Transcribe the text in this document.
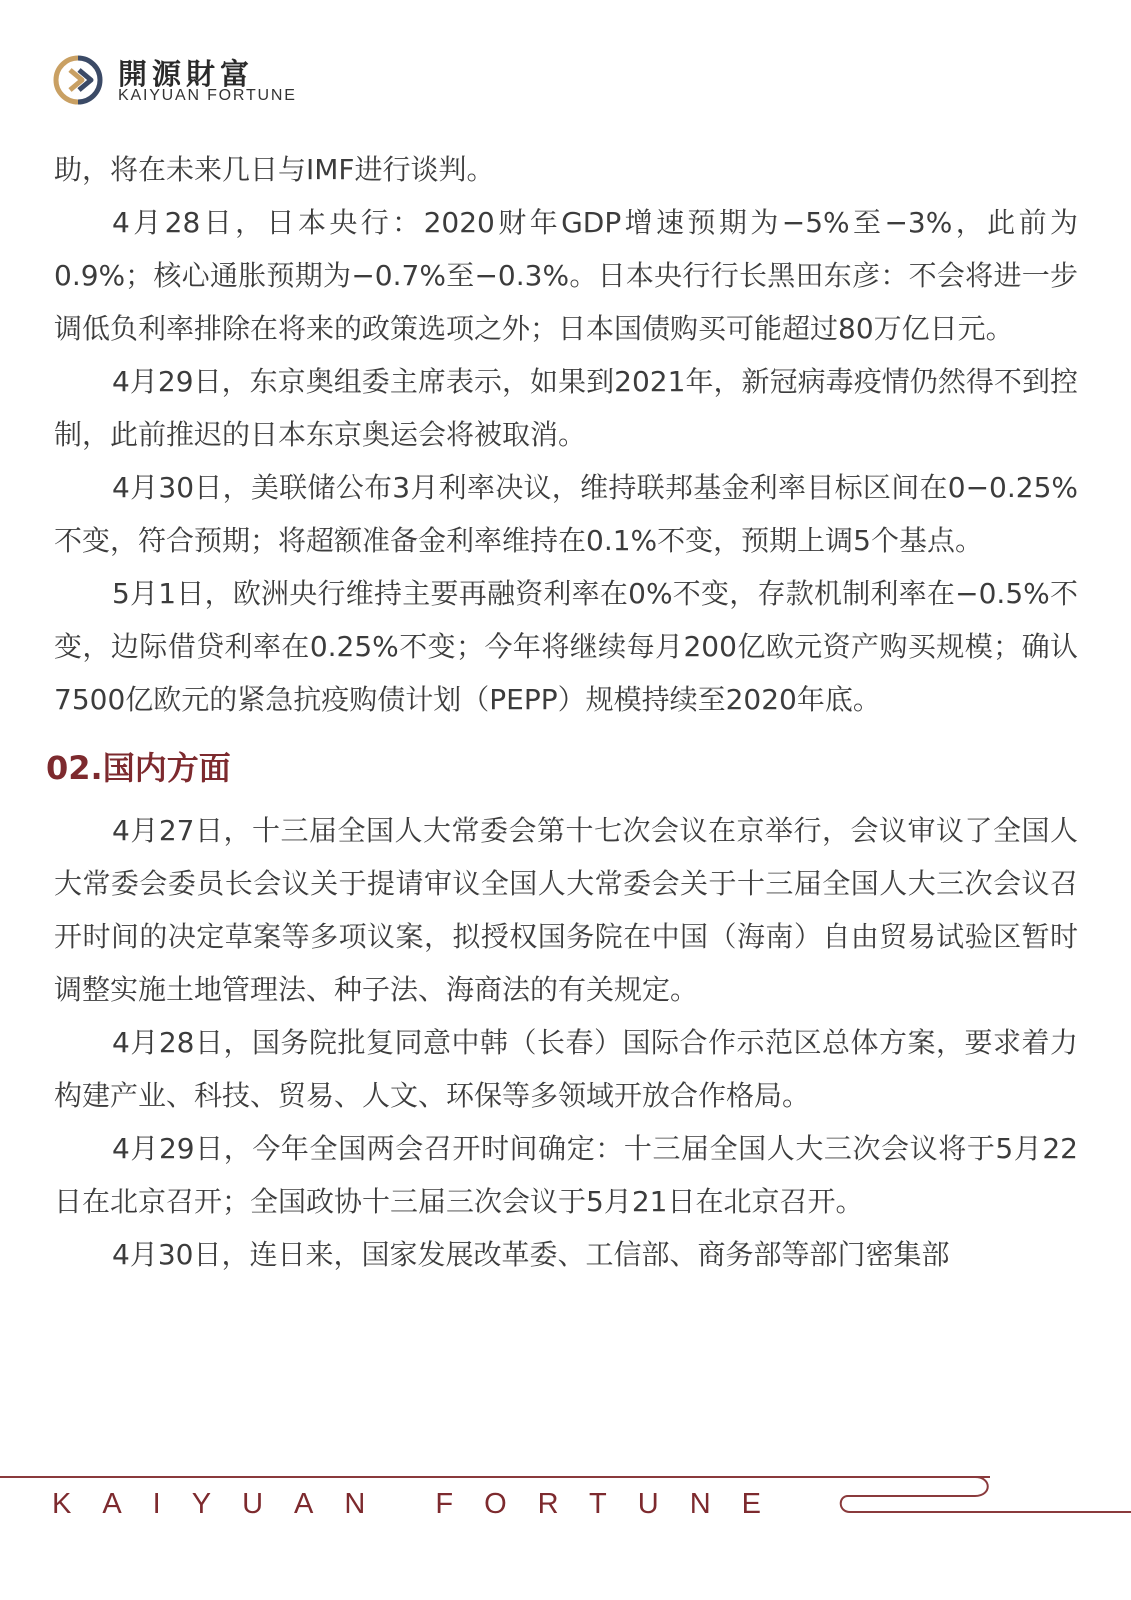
開源財富
KAIYUAN FORTUNE

助，将在未来几日与IMF进行谈判。

4月28日，日本央行：2020财年GDP增速预期为−5%至−3%，此前为0.9%；核心通胀预期为−0.7%至−0.3%。日本央行行长黑田东彦：不会将进一步调低负利率排除在将来的政策选项之外；日本国债购买可能超过80万亿日元。

4月29日，东京奥组委主席表示，如果到2021年，新冠病毒疫情仍然得不到控制，此前推迟的日本东京奥运会将被取消。

4月30日，美联储公布3月利率决议，维持联邦基金利率目标区间在0−0.25%不变，符合预期；将超额准备金利率维持在0.1%不变，预期上调5个基点。

5月1日，欧洲央行维持主要再融资利率在0%不变，存款机制利率在−0.5%不变，边际借贷利率在0.25%不变；今年将继续每月200亿欧元资产购买规模；确认7500亿欧元的紧急抗疫购债计划（PEPP）规模持续至2020年底。

02.国内方面

4月27日，十三届全国人大常委会第十七次会议在京举行，会议审议了全国人大常委会委员长会议关于提请审议全国人大常委会关于十三届全国人大三次会议召开时间的决定草案等多项议案，拟授权国务院在中国（海南）自由贸易试验区暂时调整实施土地管理法、种子法、海商法的有关规定。

4月28日，国务院批复同意中韩（长春）国际合作示范区总体方案，要求着力构建产业、科技、贸易、人文、环保等多领域开放合作格局。

4月29日，今年全国两会召开时间确定：十三届全国人大三次会议将于5月22日在北京召开；全国政协十三届三次会议于5月21日在北京召开。

4月30日，连日来，国家发展改革委、工信部、商务部等部门密集部

KAIYUAN FORTUNE
